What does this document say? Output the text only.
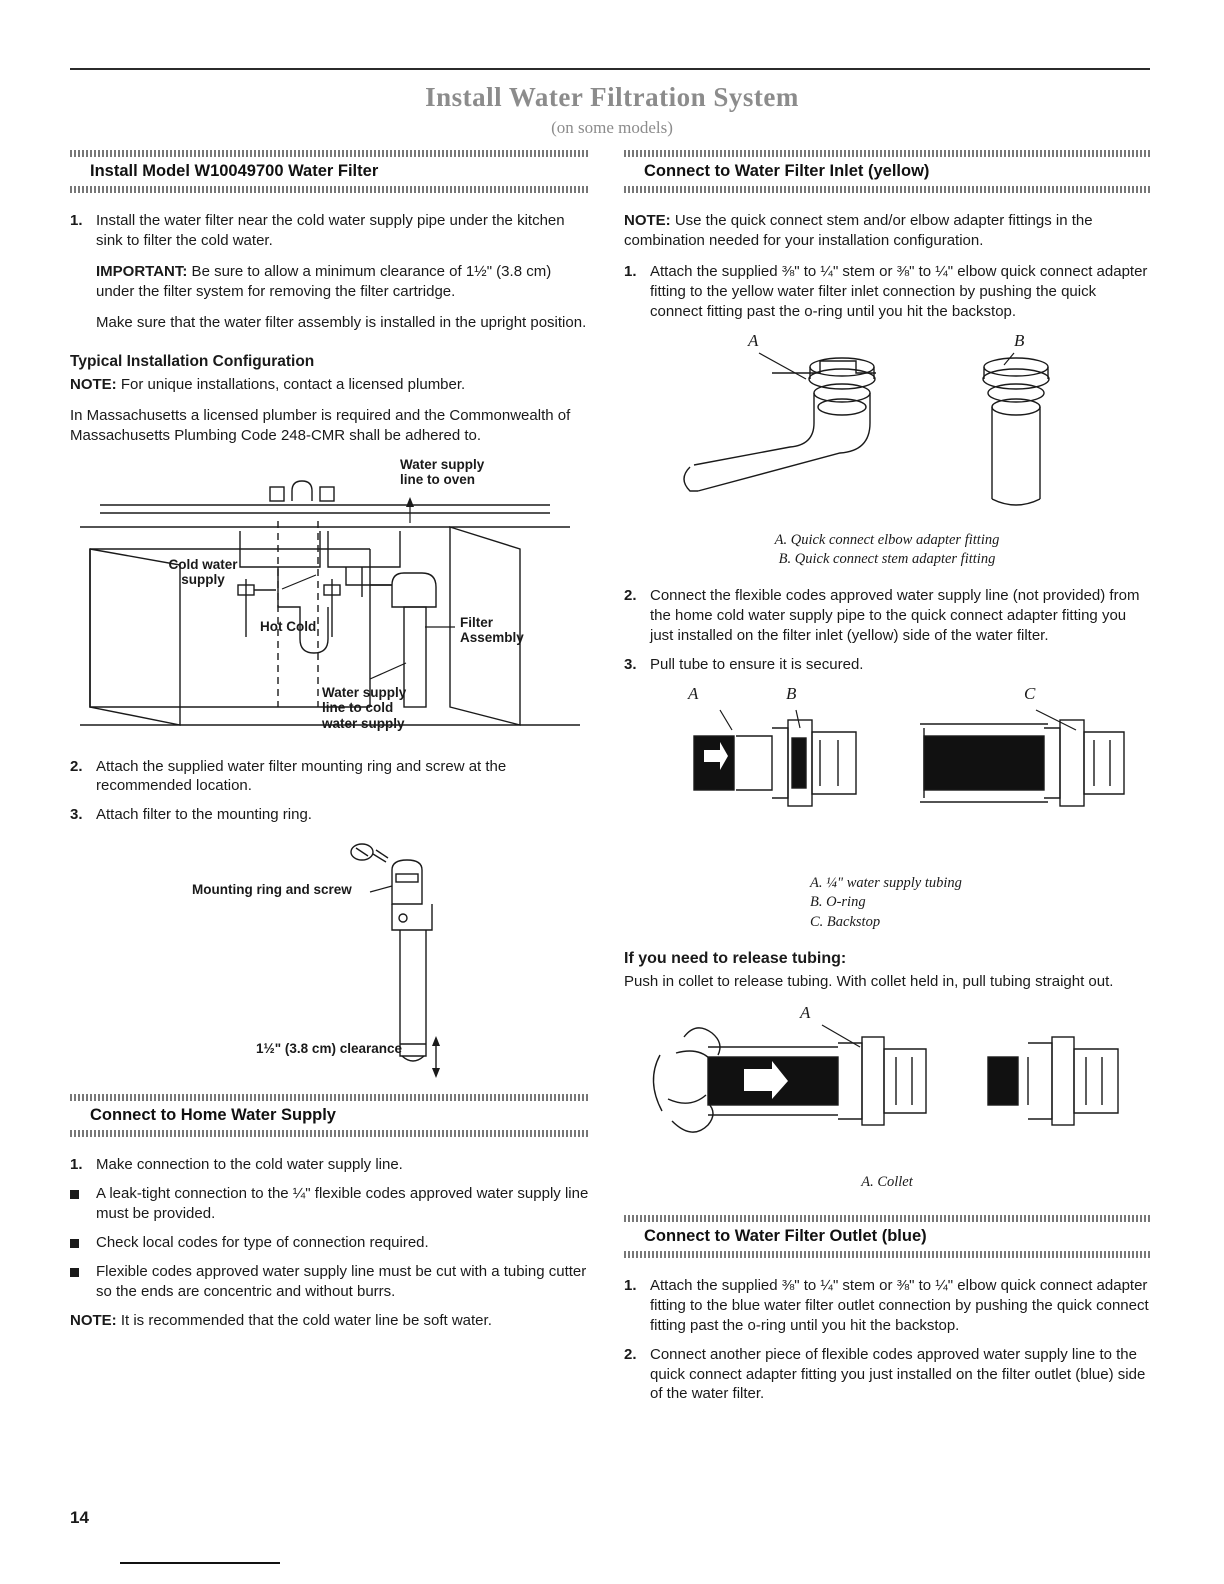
Install Water Filtration System
(on some models)
Install Model W10049700 Water Filter
1. Install the water filter near the cold water supply pipe under the kitchen sink to filter the cold water.

IMPORTANT: Be sure to allow a minimum clearance of 1½" (3.8 cm) under the filter system for removing the filter cartridge.

Make sure that the water filter assembly is installed in the upright position.

Typical Installation Configuration

NOTE: For unique installations, contact a licensed plumber.

In Massachusetts a licensed plumber is required and the Commonwealth of Massachusetts Plumbing Code 248-CMR shall be adhered to.

Water supply
line to oven
Cold water
supply
Hot Cold	Filter
Assembly
Water supply
line to cold
water supply
2. Attach the supplied water filter mounting ring and screw at the recommended location.
3. Attach filter to the mounting ring.
Mounting ring and screw
1½" (3.8 cm) clearance
Connect to Home Water Supply
1. Make connection to the cold water supply line.
A leak-tight connection to the ¼" flexible codes approved water supply line must be provided.
Check local codes for type of connection required.
Flexible codes approved water supply line must be cut with a tubing cutter so the ends are concentric and without burrs.

NOTE: It is recommended that the cold water line be soft water.

Connect to Water Filter Inlet (yellow)

NOTE: Use the quick connect stem and/or elbow adapter fittings in the combination needed for your installation configuration.

1. Attach the supplied ⅜" to ¼" stem or ⅜" to ¼" elbow quick connect adapter fitting to the yellow water filter inlet connection by pushing the quick connect fitting past the o-ring until you hit the backstop.
A	B
A. Quick connect elbow adapter fitting
B. Quick connect stem adapter fitting
2. Connect the flexible codes approved water supply line (not provided) from the home cold water supply pipe to the quick connect adapter fitting you just installed on the filter inlet (yellow) side of the water filter.
3. Pull tube to ensure it is secured.
A	B	C
A. ¼" water supply tubing
B. O-ring
C. Backstop
If you need to release tubing:

Push in collet to release tubing. With collet held in, pull tubing straight out.

A
A. Collet
Connect to Water Filter Outlet (blue)
1. Attach the supplied ⅜" to ¼" stem or ⅜" to ¼" elbow quick connect adapter fitting to the blue water filter outlet connection by pushing the quick connect fitting past the o-ring until you hit the backstop.
2. Connect another piece of flexible codes approved water supply line to the quick connect adapter fitting you just installed on the filter outlet (blue) side of the water filter.
14
